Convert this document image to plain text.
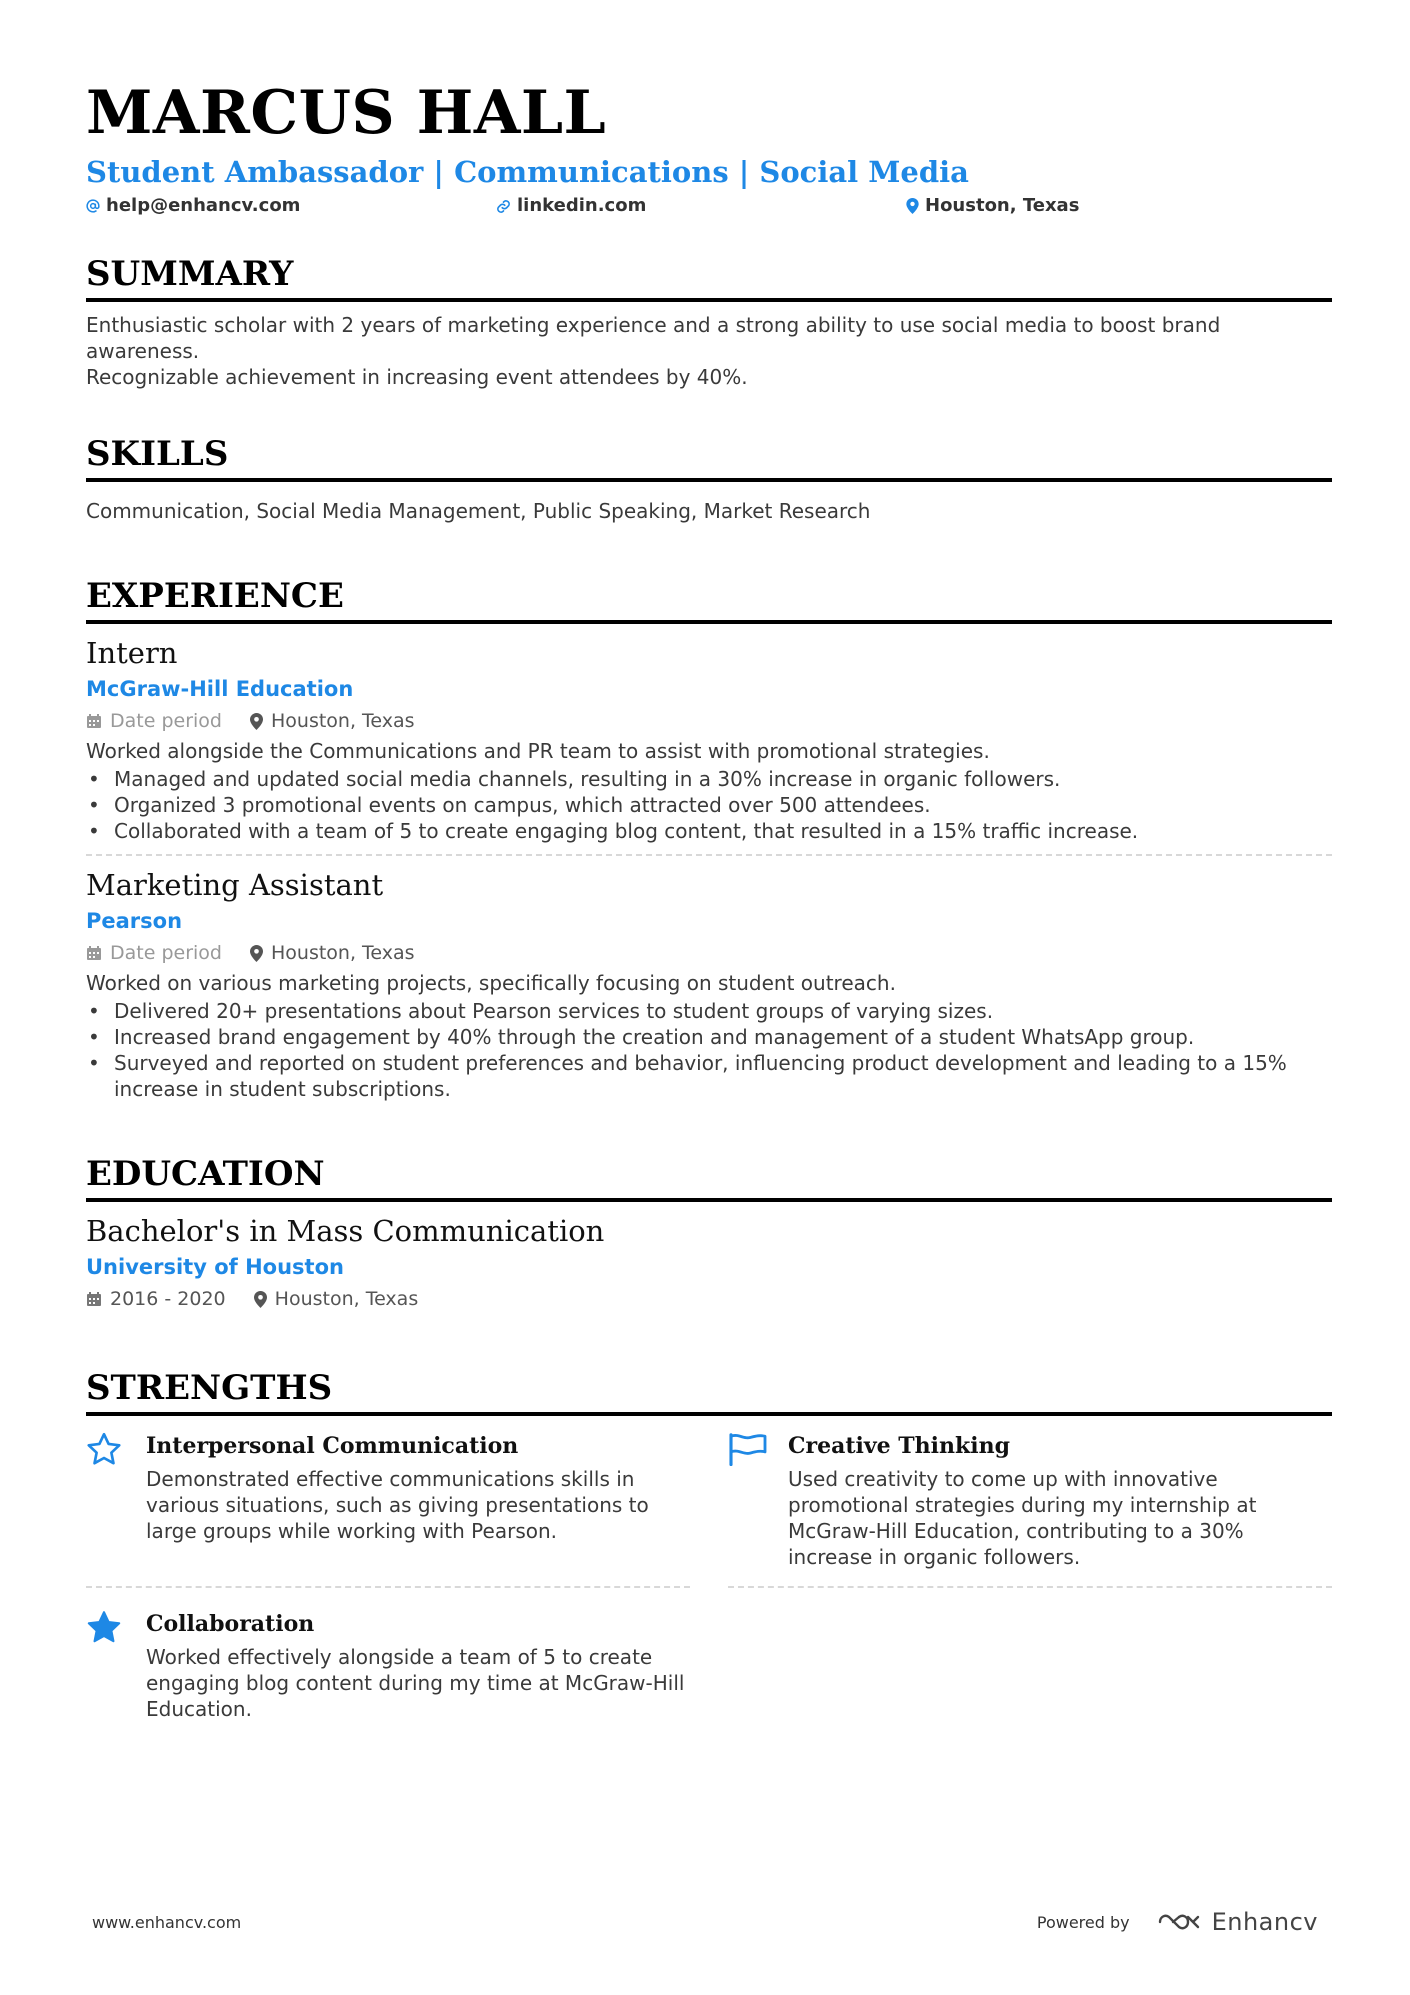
MARCUS HALL
Student Ambassador | Communications | Social Media
help@enhancv.com	linkedin.com	Houston, Texas
SUMMARY
Enthusiastic scholar with 2 years of marketing experience and a strong ability to use social media to boost brand awareness.
Recognizable achievement in increasing event attendees by 40%.
SKILLS
Communication, Social Media Management, Public Speaking, Market Research
EXPERIENCE
Intern
McGraw-Hill Education
Date period	Houston, Texas
Worked alongside the Communications and PR team to assist with promotional strategies.
• Managed and updated social media channels, resulting in a 30% increase in organic followers.
• Organized 3 promotional events on campus, which attracted over 500 attendees.
• Collaborated with a team of 5 to create engaging blog content, that resulted in a 15% traffic increase.
Marketing Assistant
Pearson
Date period	Houston, Texas
Worked on various marketing projects, specifically focusing on student outreach.
• Delivered 20+ presentations about Pearson services to student groups of varying sizes.
• Increased brand engagement by 40% through the creation and management of a student WhatsApp group.
• Surveyed and reported on student preferences and behavior, influencing product development and leading to a 15% increase in student subscriptions.
EDUCATION
Bachelor's in Mass Communication
University of Houston
2016 - 2020	Houston, Texas
STRENGTHS
Interpersonal Communication
Demonstrated effective communications skills in various situations, such as giving presentations to large groups while working with Pearson.
Creative Thinking
Used creativity to come up with innovative promotional strategies during my internship at McGraw-Hill Education, contributing to a 30% increase in organic followers.
Collaboration
Worked effectively alongside a team of 5 to create engaging blog content during my time at McGraw-Hill Education.
www.enhancv.com	Powered by	Enhancv
